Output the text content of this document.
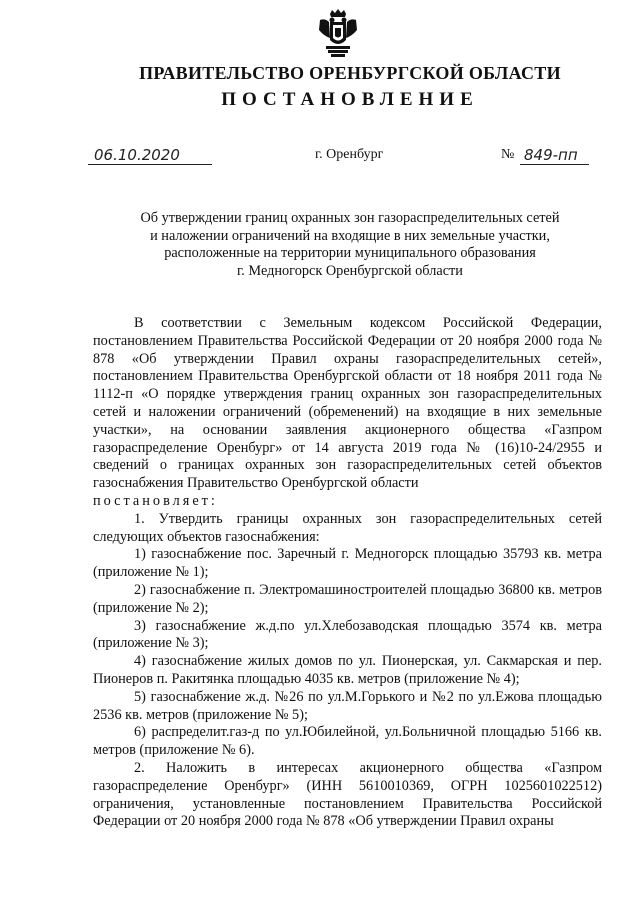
ПРАВИТЕЛЬСТВО ОРЕНБУРГСКОЙ ОБЛАСТИ
ПОСТАНОВЛЕНИЕ
06.10.2020	г. Оренбург	№ 849-пп
Об утверждении границ охранных зон газораспределительных сетей
и наложении ограничений на входящие в них земельные участки,
расположенные на территории муниципального образования
г. Медногорск Оренбургской области

В соответствии с Земельным кодексом Российской Федерации, постановлением Правительства Российской Федерации от 20 ноября 2000 года № 878 «Об утверждении Правил охраны газораспределительных сетей», постановлением Правительства Оренбургской области от 18 ноября 2011 года № 1112-п «О порядке утверждения границ охранных зон газораспределительных сетей и наложении ограничений (обременений) на входящие в них земельные участки», на основании заявления акционерного общества «Газпром газораспределение Оренбург» от 14 августа 2019 года № (16)10-24/2955 и сведений о границах охранных зон газораспределительных сетей объектов газоснабжения Правительство Оренбургской области

постановляет:

1. Утвердить границы охранных зон газораспределительных сетей следующих объектов газоснабжения:

1) газоснабжение пос. Заречный г. Медногорск площадью 35793 кв. метра (приложение № 1);

2) газоснабжение п. Электромашиностроителей площадью 36800 кв. метров (приложение № 2);

3) газоснабжение ж.д.по ул.Хлебозаводская площадью 3574 кв. метра (приложение № 3);

4) газоснабжение жилых домов по ул. Пионерская, ул. Сакмарская и пер. Пионеров п. Ракитянка площадью 4035 кв. метров (приложение № 4);

5) газоснабжение ж.д. №26 по ул.М.Горького и №2 по ул.Ежова площадью 2536 кв. метров (приложение № 5);

6) распределит.газ-д по ул.Юбилейной, ул.Больничной площадью 5166 кв. метров (приложение № 6).

2. Наложить в интересах акционерного общества «Газпром газораспределение Оренбург» (ИНН 5610010369, ОГРН 1025601022512) ограничения, установленные постановлением Правительства Российской Федерации от 20 ноября 2000 года № 878 «Об утверждении Правил охраны
